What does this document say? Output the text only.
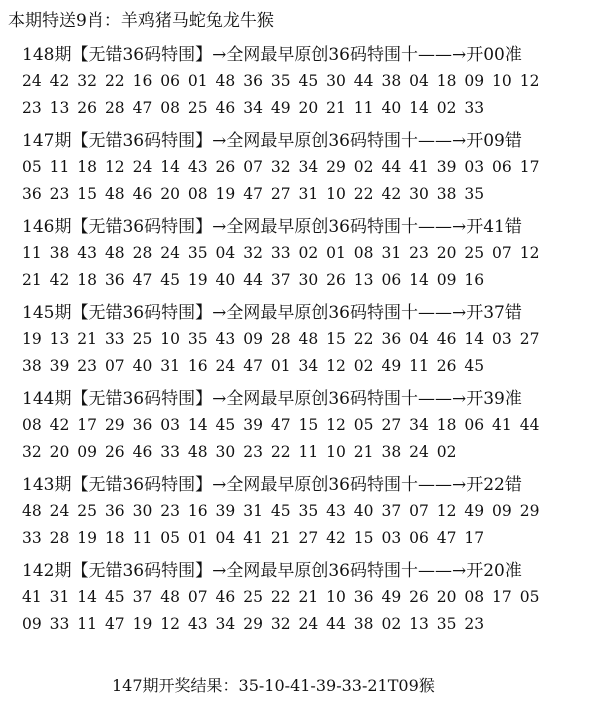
本期特送9肖：羊鸡猪马蛇兔龙牛猴
148期【无错36码特围】→全网最早原创36码特围十——→开00准
24 42 32 22 16 06 01 48 36 35 45 30 44 38 04 18 09 10 12
23 13 26 28 47 08 25 46 34 49 20 21 11 40 14 02 33
147期【无错36码特围】→全网最早原创36码特围十——→开09错
05 11 18 12 24 14 43 26 07 32 34 29 02 44 41 39 03 06 17
36 23 15 48 46 20 08 19 47 27 31 10 22 42 30 38 35
146期【无错36码特围】→全网最早原创36码特围十——→开41错
11 38 43 48 28 24 35 04 32 33 02 01 08 31 23 20 25 07 12
21 42 18 36 47 45 19 40 44 37 30 26 13 06 14 09 16
145期【无错36码特围】→全网最早原创36码特围十——→开37错
19 13 21 33 25 10 35 43 09 28 48 15 22 36 04 46 14 03 27
38 39 23 07 40 31 16 24 47 01 34 12 02 49 11 26 45
144期【无错36码特围】→全网最早原创36码特围十——→开39准
08 42 17 29 36 03 14 45 39 47 15 12 05 27 34 18 06 41 44
32 20 09 26 46 33 48 30 23 22 11 10 21 38 24 02
143期【无错36码特围】→全网最早原创36码特围十——→开22错
48 24 25 36 30 23 16 39 31 45 35 43 40 37 07 12 49 09 29
33 28 19 18 11 05 01 04 41 21 27 42 15 03 06 47 17
142期【无错36码特围】→全网最早原创36码特围十——→开20准
41 31 14 45 37 48 07 46 25 22 21 10 36 49 26 20 08 17 05
09 33 11 47 19 12 43 34 29 32 24 44 38 02 13 35 23
147期开奖结果：35-10-41-39-33-21T09猴
